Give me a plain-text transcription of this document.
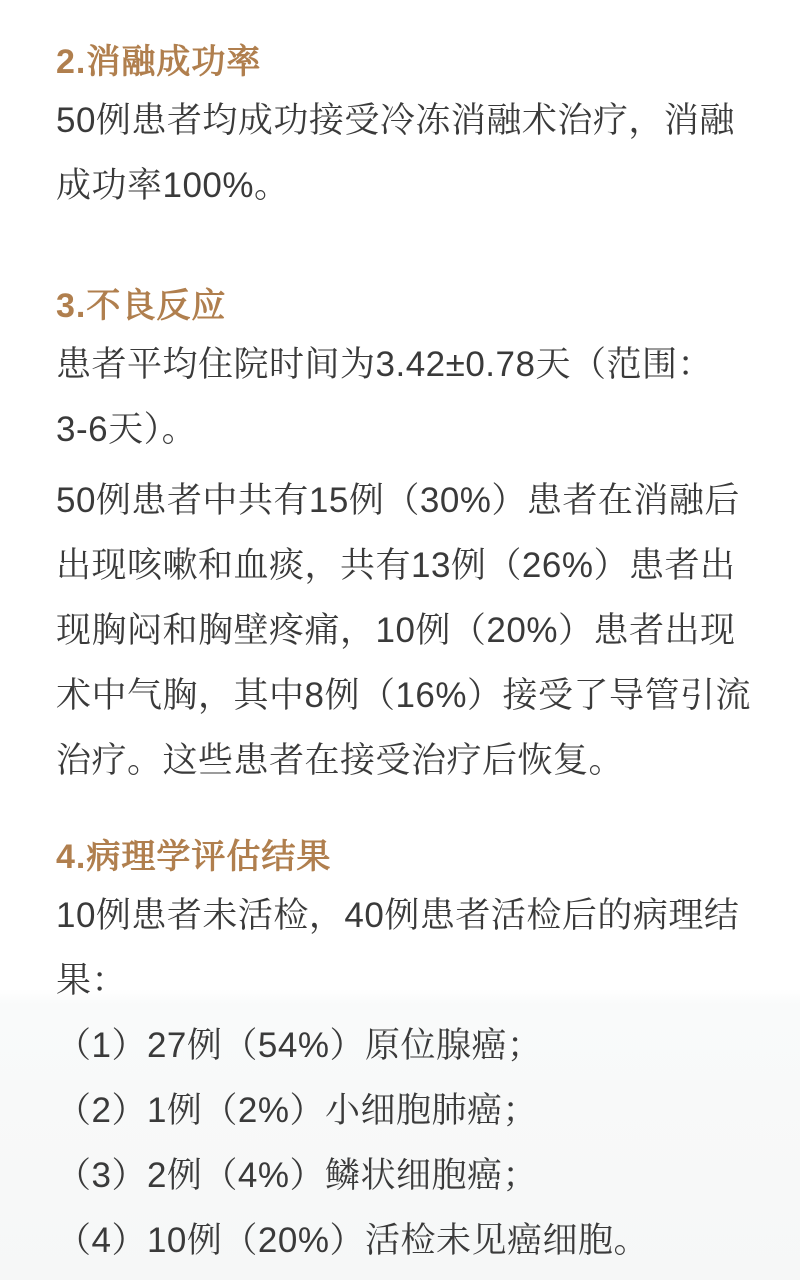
2.消融成功率
50例患者均成功接受冷冻消融术治疗，消融
成功率100%。
3.不良反应
患者平均住院时间为3.42±0.78天（范围：
3-6天）。
50例患者中共有15例（30%）患者在消融后
出现咳嗽和血痰，共有13例（26%）患者出
现胸闷和胸壁疼痛，10例（20%）患者出现
术中气胸，其中8例（16%）接受了导管引流
治疗。这些患者在接受治疗后恢复。
4.病理学评估结果
10例患者未活检，40例患者活检后的病理结
果：
（1）27例（54%）原位腺癌；
（2）1例（2%）小细胞肺癌；
（3）2例（4%）鳞状细胞癌；
（4）10例（20%）活检未见癌细胞。
